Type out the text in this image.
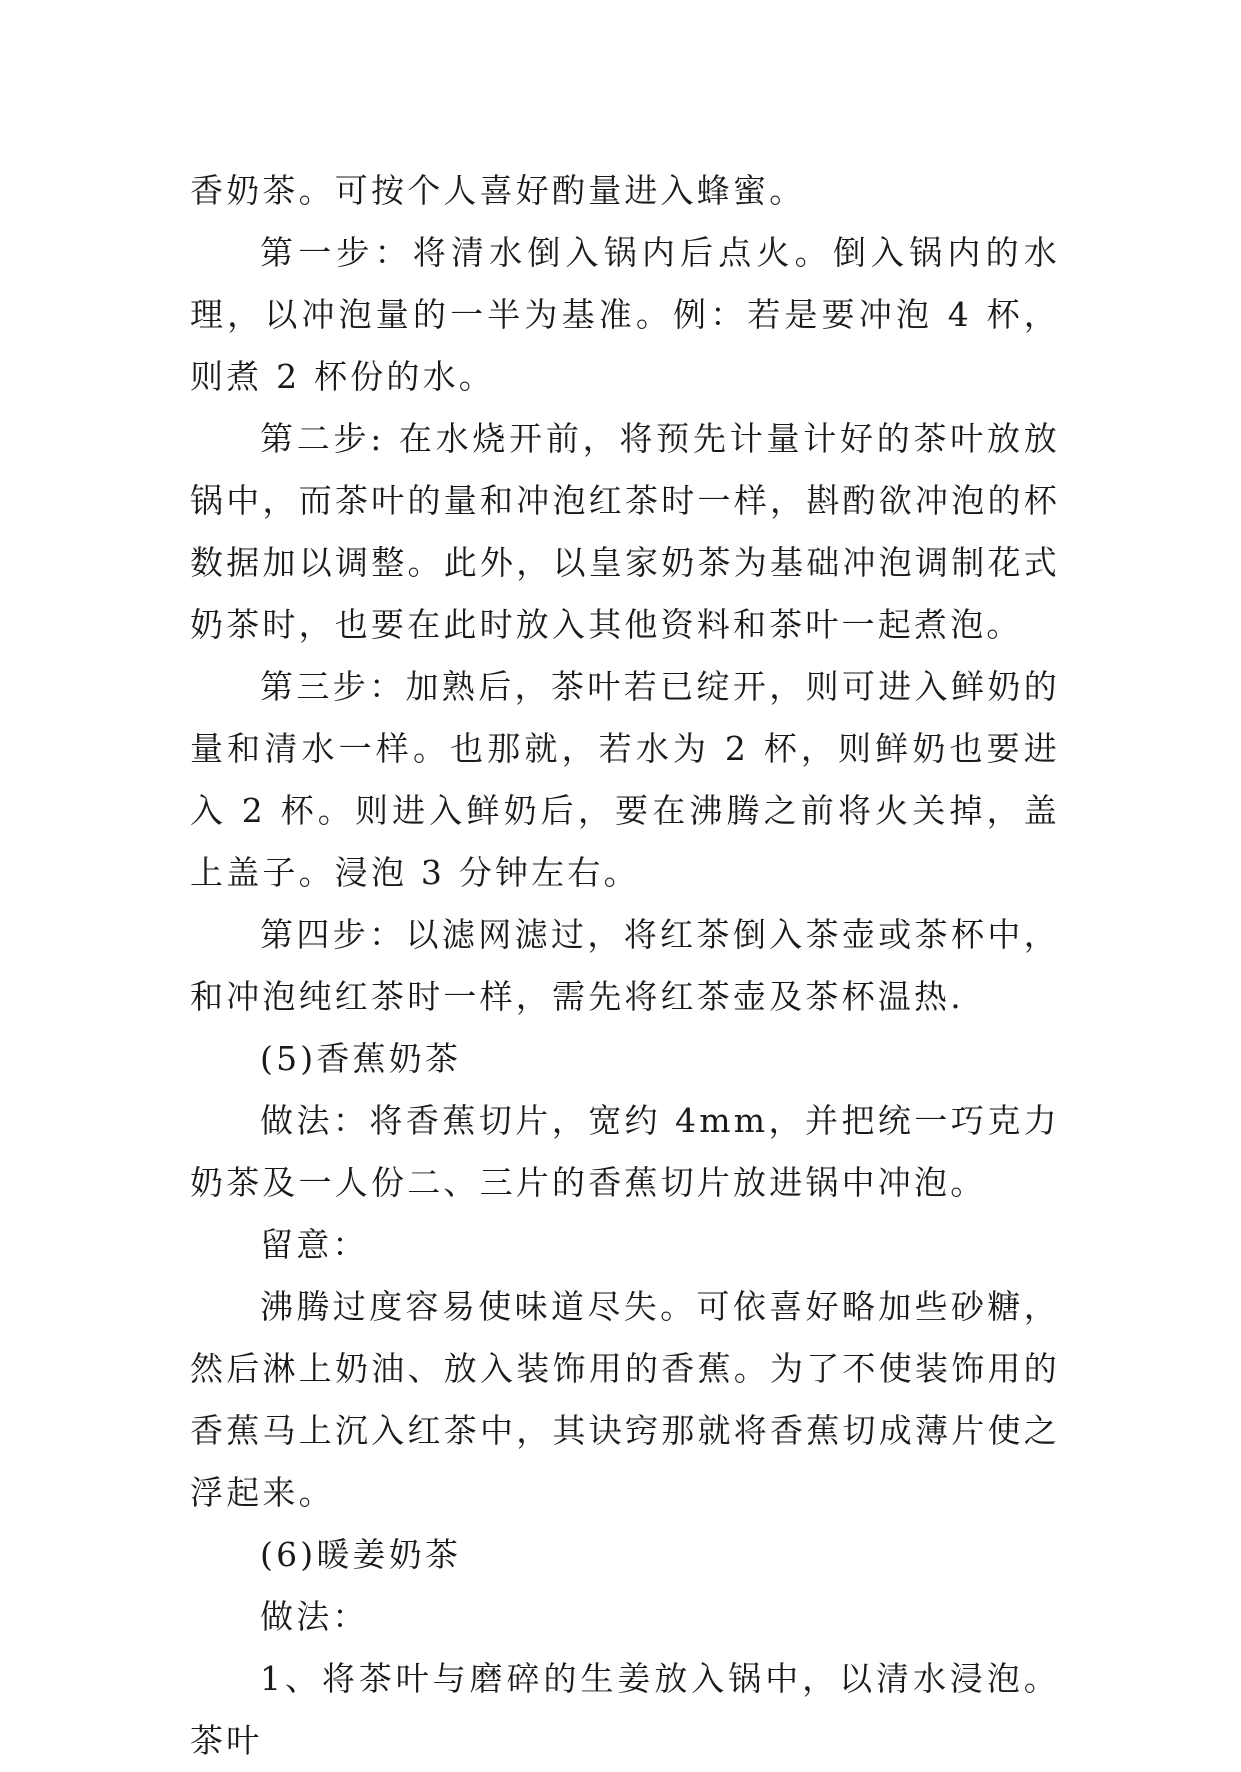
香奶茶。可按个人喜好酌量进入蜂蜜。

第一步：将清水倒入锅内后点火。倒入锅内的水理，以冲泡量的一半为基准。例：若是要冲泡 4 杯，则煮 2 杯份的水。

第二步: 在水烧开前，将预先计量计好的茶叶放放锅中，而茶叶的量和冲泡红茶时一样，斟酌欲冲泡的杯数据加以调整。此外，以皇家奶茶为基础冲泡调制花式奶茶时，也要在此时放入其他资料和茶叶一起煮泡。

第三步：加熟后，茶叶若已绽开，则可进入鲜奶的量和清水一样。也那就，若水为 2 杯，则鲜奶也要进入 2 杯。则进入鲜奶后，要在沸腾之前将火关掉，盖上盖子。浸泡 3 分钟左右。

第四步：以滤网滤过，将红茶倒入茶壶或茶杯中，和冲泡纯红茶时一样，需先将红茶壶及茶杯温热.

(5)香蕉奶茶

做法：将香蕉切片，宽约 4mm，并把统一巧克力奶茶及一人份二、三片的香蕉切片放进锅中冲泡。

留意：

沸腾过度容易使味道尽失。可依喜好略加些砂糖，然后淋上奶油、放入装饰用的香蕉。为了不使装饰用的香蕉马上沉入红茶中，其诀窍那就将香蕉切成薄片使之浮起来。

(6)暖姜奶茶

做法：

1、将茶叶与磨碎的生姜放入锅中，以清水浸泡。茶叶
